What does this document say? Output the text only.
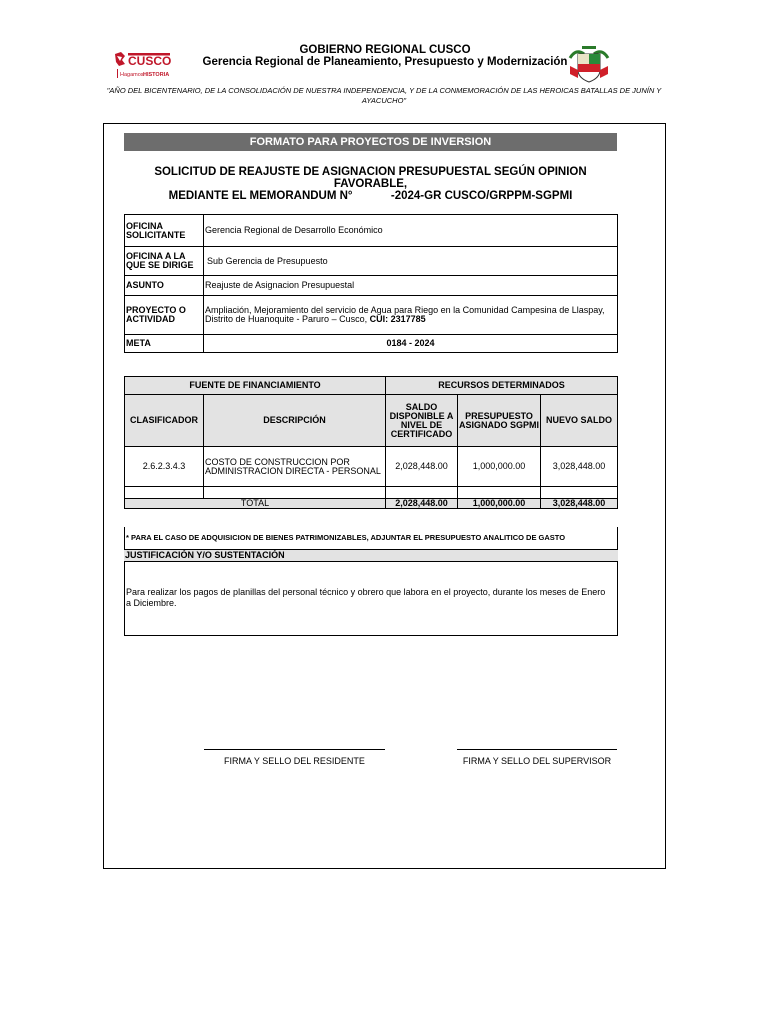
CUSCO
Hagamos HISTORIA
GOBIERNO REGIONAL CUSCO
Gerencia Regional de Planeamiento, Presupuesto y Modernización
"AÑO DEL BICENTENARIO, DE LA CONSOLIDACIÓN DE NUESTRA INDEPENDENCIA, Y DE LA CONMEMORACIÓN DE LAS HEROICAS BATALLAS DE JUNÍN Y AYACUCHO"
FORMATO PARA PROYECTOS DE INVERSION
SOLICITUD DE REAJUSTE DE ASIGNACION PRESUPUESTAL SEGÚN OPINION FAVORABLE,
MEDIANTE EL MEMORANDUM N°            -2024-GR CUSCO/GRPPM-SGPMI
OFICINA SOLICITANTE	Gerencia Regional de Desarrollo Económico
OFICINA A LA QUE SE DIRIGE	Sub Gerencia de Presupuesto
ASUNTO	Reajuste de Asignacion Presupuestal
PROYECTO O ACTIVIDAD	Ampliación, Mejoramiento del servicio de Agua para Riego en la Comunidad Campesina de Llaspay, Distrito de Huanoquite - Paruro – Cusco, CUI: 2317785
META	0184 - 2024
FUENTE DE FINANCIAMIENTO		RECURSOS DETERMINADOS		
CLASIFICADOR	DESCRIPCIÓN	SALDO DISPONIBLE A NIVEL DE CERTIFICADO	PRESUPUESTO ASIGNADO SGPMI	NUEVO SALDO
2.6.2.3.4.3	COSTO DE CONSTRUCCION POR ADMINISTRACION DIRECTA - PERSONAL	2,028,448.00	1,000,000.00	3,028,448.00

TOTAL		2,028,448.00	1,000,000.00	3,028,448.00
* PARA EL CASO DE ADQUISICION DE BIENES PATRIMONIZABLES, ADJUNTAR EL PRESUPUESTO ANALITICO DE GASTO
JUSTIFICACIÓN Y/O SUSTENTACIÓN
Para realizar los pagos de planillas del personal técnico y obrero que labora en el proyecto, durante los meses de Enero a Diciembre.
FIRMA Y SELLO DEL RESIDENTE	FIRMA Y SELLO DEL SUPERVISOR
